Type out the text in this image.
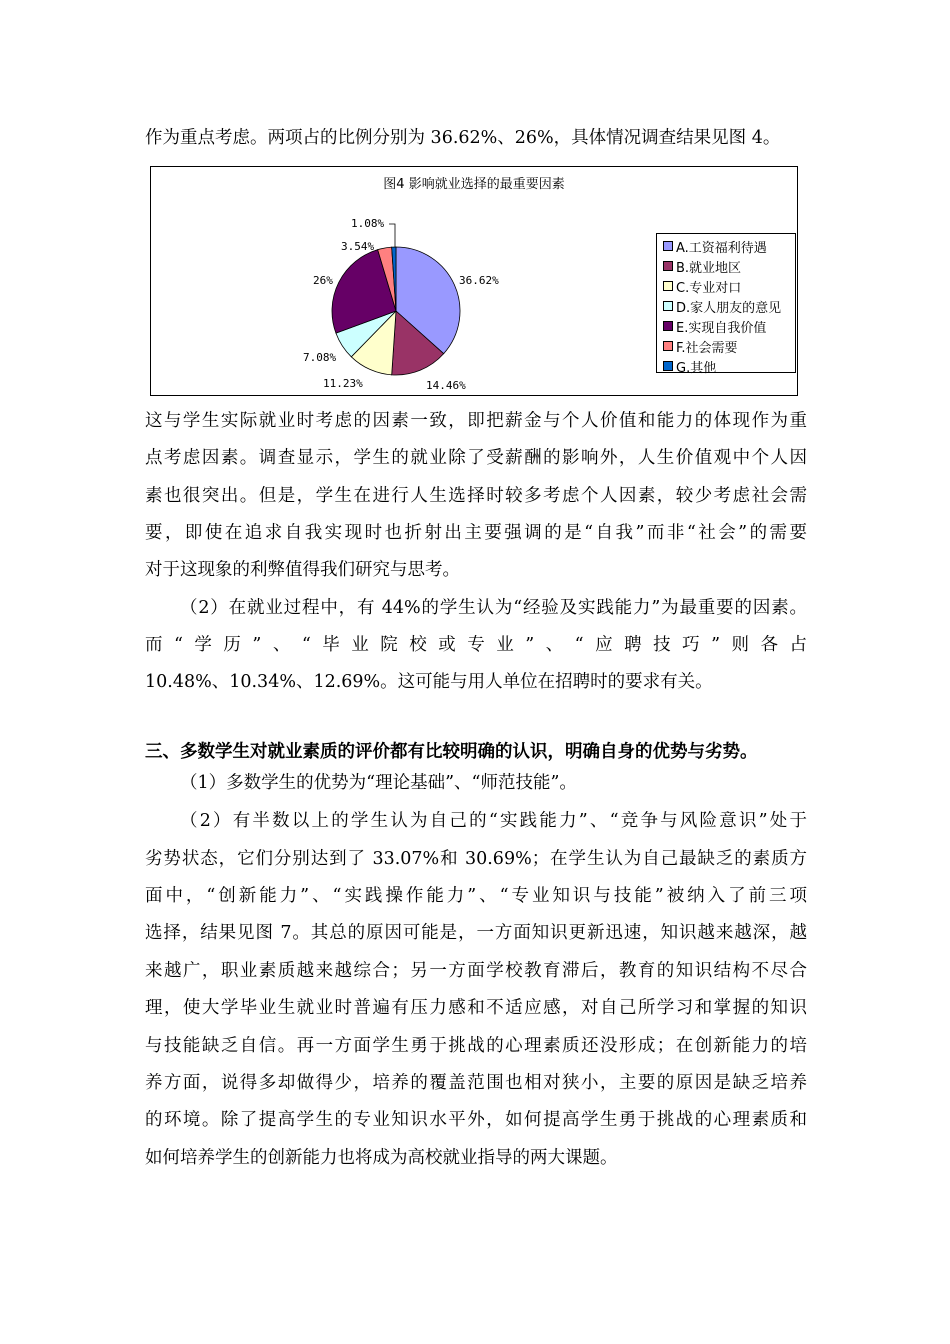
作为重点考虑。两项占的比例分别为 36.62%、26%，具体情况调查结果见图 4。
图4 影响就业选择的最重要因素
36.62%
14.46%
11.23%
7.08%
26%
3.54%
1.08%
A.工资福利待遇
B.就业地区
C.专业对口
D.家人朋友的意见
E.实现自我价值
F.社会需要
G.其他
这与学生实际就业时考虑的因素一致，即把薪金与个人价值和能力的体现作为重
点考虑因素。调查显示，学生的就业除了受薪酬的影响外，人生价值观中个人因
素也很突出。但是，学生在进行人生选择时较多考虑个人因素，较少考虑社会需
要，即使在追求自我实现时也折射出主要强调的是“自我”而非“社会”的需要
对于这现象的利弊值得我们研究与思考。
（2）在就业过程中，有 44%的学生认为“经验及实践能力”为最重要的因素。
而“学历”、“毕业院校或专业”、“应聘技巧”则各占
10.48%、10.34%、12.69%。这可能与用人单位在招聘时的要求有关。
三、多数学生对就业素质的评价都有比较明确的认识，明确自身的优势与劣势。
（1）多数学生的优势为“理论基础”、“师范技能”。
（2）有半数以上的学生认为自己的“实践能力”、“竞争与风险意识”处于
劣势状态，它们分别达到了 33.07%和 30.69%；在学生认为自己最缺乏的素质方
面中，“创新能力”、“实践操作能力”、“专业知识与技能”被纳入了前三项
选择，结果见图 7。其总的原因可能是，一方面知识更新迅速，知识越来越深，越
来越广，职业素质越来越综合；另一方面学校教育滞后，教育的知识结构不尽合
理，使大学毕业生就业时普遍有压力感和不适应感，对自己所学习和掌握的知识
与技能缺乏自信。再一方面学生勇于挑战的心理素质还没形成；在创新能力的培
养方面，说得多却做得少，培养的覆盖范围也相对狭小，主要的原因是缺乏培养
的环境。除了提高学生的专业知识水平外，如何提高学生勇于挑战的心理素质和
如何培养学生的创新能力也将成为高校就业指导的两大课题。
